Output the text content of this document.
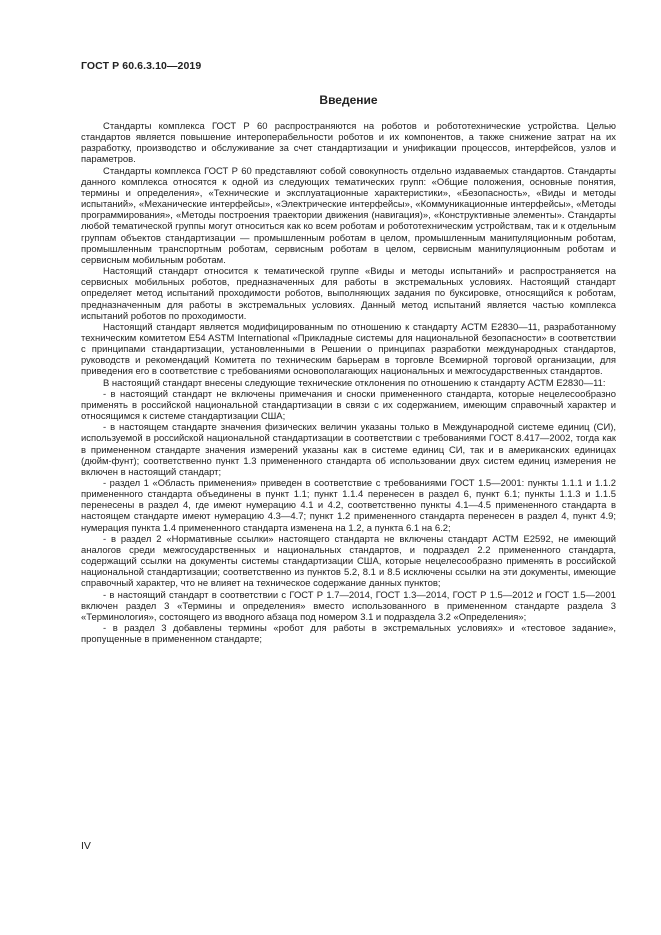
ГОСТ Р 60.6.3.10—2019
Введение

Стандарты комплекса ГОСТ Р 60 распространяются на роботов и робототехнические устройства. Целью стандартов является повышение интероперабельности роботов и их компонентов, а также снижение затрат на их разработку, производство и обслуживание за счет стандартизации и унификации процессов, интерфейсов, узлов и параметров.

Стандарты комплекса ГОСТ Р 60 представляют собой совокупность отдельно издаваемых стандартов. Стандарты данного комплекса относятся к одной из следующих тематических групп: «Общие положения, основные понятия, термины и определения», «Технические и эксплуатационные характеристики», «Безопасность», «Виды и методы испытаний», «Механические интерфейсы», «Электрические интерфейсы», «Коммуникационные интерфейсы», «Методы программирования», «Методы построения траектории движения (навигация)», «Конструктивные элементы». Стандарты любой тематической группы могут относиться как ко всем роботам и робототехническим устройствам, так и к отдельным группам объектов стандартизации — промышленным роботам в целом, промышленным манипуляционным роботам, промышленным транспортным роботам, сервисным роботам в целом, сервисным манипуляционным роботам и сервисным мобильным роботам.

Настоящий стандарт относится к тематической группе «Виды и методы испытаний» и распространяется на сервисных мобильных роботов, предназначенных для работы в экстремальных условиях. Настоящий стандарт определяет метод испытаний проходимости роботов, выполняющих задания по буксировке, относящийся к роботам, предназначенным для работы в экстремальных условиях. Данный метод испытаний является частью комплекса испытаний роботов по проходимости.

Настоящий стандарт является модифицированным по отношению к стандарту АСТМ E2830—11, разработанному техническим комитетом E54 ASTM International «Прикладные системы для национальной безопасности» в соответствии с принципами стандартизации, установленными в Решении о принципах разработки международных стандартов, руководств и рекомендаций Комитета по техническим барьерам в торговле Всемирной торговой организации, для приведения его в соответствие с требованиями основополагающих национальных и межгосударственных стандартов.

В настоящий стандарт внесены следующие технические отклонения по отношению к стандарту АСТМ E2830—11:

- в настоящий стандарт не включены примечания и сноски примененного стандарта, которые нецелесообразно применять в российской национальной стандартизации в связи с их содержанием, имеющим справочный характер и относящимся к системе стандартизации США;

- в настоящем стандарте значения физических величин указаны только в Международной системе единиц (СИ), используемой в российской национальной стандартизации в соответствии с требованиями ГОСТ 8.417—2002, тогда как в примененном стандарте значения измерений указаны как в системе единиц СИ, так и в американских единицах (дюйм-фунт); соответственно пункт 1.3 примененного стандарта об использовании двух систем единиц измерения не включен в настоящий стандарт;

- раздел 1 «Область применения» приведен в соответствие с требованиями ГОСТ 1.5—2001: пункты 1.1.1 и 1.1.2 примененного стандарта объединены в пункт 1.1; пункт 1.1.4 перенесен в раздел 6, пункт 6.1; пункты 1.1.3 и 1.1.5 перенесены в раздел 4, где имеют нумерацию 4.1 и 4.2, соответственно пункты 4.1—4.5 примененного стандарта в настоящем стандарте имеют нумерацию 4.3—4.7; пункт 1.2 примененного стандарта перенесен в раздел 4, пункт 4.9; нумерация пункта 1.4 примененного стандарта изменена на 1.2, а пункта 6.1 на 6.2;

- в раздел 2 «Нормативные ссылки» настоящего стандарта не включены стандарт АСТМ E2592, не имеющий аналогов среди межгосударственных и национальных стандартов, и подраздел 2.2 примененного стандарта, содержащий ссылки на документы системы стандартизации США, которые нецелесообразно применять в российской национальной стандартизации; соответственно из пунктов 5.2, 8.1 и 8.5 исключены ссылки на эти документы, имеющие справочный характер, что не влияет на техническое содержание данных пунктов;

- в настоящий стандарт в соответствии с ГОСТ Р 1.7—2014, ГОСТ 1.3—2014, ГОСТ Р 1.5—2012 и ГОСТ 1.5—2001 включен раздел 3 «Термины и определения» вместо использованного в примененном стандарте раздела 3 «Терминология», состоящего из вводного абзаца под номером 3.1 и подраздела 3.2 «Определения»;

- в раздел 3 добавлены термины «робот для работы в экстремальных условиях» и «тестовое задание», пропущенные в примененном стандарте;

IV
